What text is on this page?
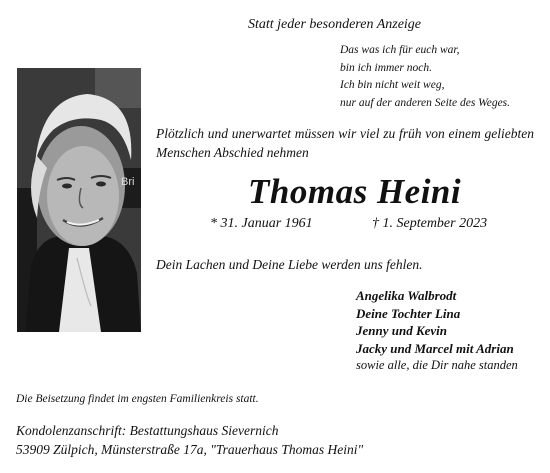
Statt jeder besonderen Anzeige
Das was ich für euch war,
bin ich immer noch.
Ich bin nicht weit weg,
nur auf der anderen Seite des Weges.
Bri
Plötzlich und unerwartet müssen wir viel zu früh von einem geliebten Menschen Abschied nehmen
Thomas Heini
* 31. Januar 1961	† 1. September 2023
Dein Lachen und Deine Liebe werden uns fehlen.
Angelika Walbrodt
Deine Tochter Lina
Jenny und Kevin
Jacky und Marcel mit Adrian
sowie alle, die Dir nahe standen
Die Beisetzung findet im engsten Familienkreis statt.
Kondolenzanschrift: Bestattungshaus Sievernich
53909 Zülpich, Münsterstraße 17a, "Trauerhaus Thomas Heini"
